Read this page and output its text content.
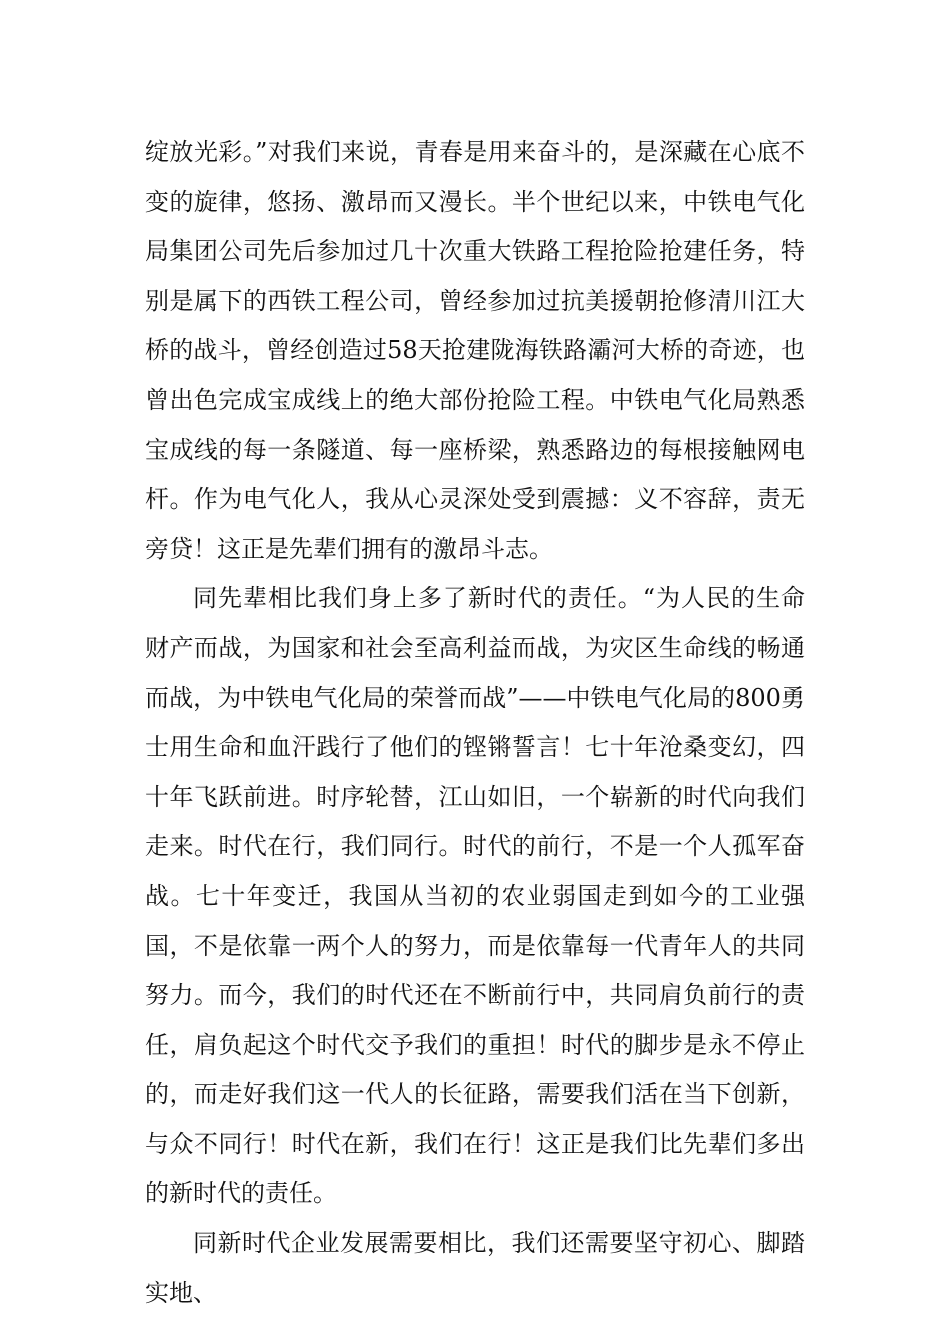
绽放光彩。”对我们来说，青春是用来奋斗的，是深藏在心底不变的旋律，悠扬、激昂而又漫长。半个世纪以来，中铁电气化局集团公司先后参加过几十次重大铁路工程抢险抢建任务，特别是属下的西铁工程公司，曾经参加过抗美援朝抢修清川江大桥的战斗，曾经创造过58天抢建陇海铁路灞河大桥的奇迹，也曾出色完成宝成线上的绝大部份抢险工程。中铁电气化局熟悉宝成线的每一条隧道、每一座桥梁，熟悉路边的每根接触网电杆。作为电气化人，我从心灵深处受到震撼：义不容辞，责无旁贷！这正是先辈们拥有的激昂斗志。

同先辈相比我们身上多了新时代的责任。“为人民的生命财产而战，为国家和社会至高利益而战，为灾区生命线的畅通而战，为中铁电气化局的荣誉而战”——中铁电气化局的800勇士用生命和血汗践行了他们的铿锵誓言！七十年沧桑变幻，四十年飞跃前进。时序轮替，江山如旧，一个崭新的时代向我们走来。时代在行，我们同行。时代的前行，不是一个人孤军奋战。七十年变迁，我国从当初的农业弱国走到如今的工业强国，不是依靠一两个人的努力，而是依靠每一代青年人的共同努力。而今，我们的时代还在不断前行中，共同肩负前行的责任，肩负起这个时代交予我们的重担！时代的脚步是永不停止的，而走好我们这一代人的长征路，需要我们活在当下创新，与众不同行！时代在新，我们在行！这正是我们比先辈们多出的新时代的责任。

同新时代企业发展需要相比，我们还需要坚守初心、脚踏实地、
